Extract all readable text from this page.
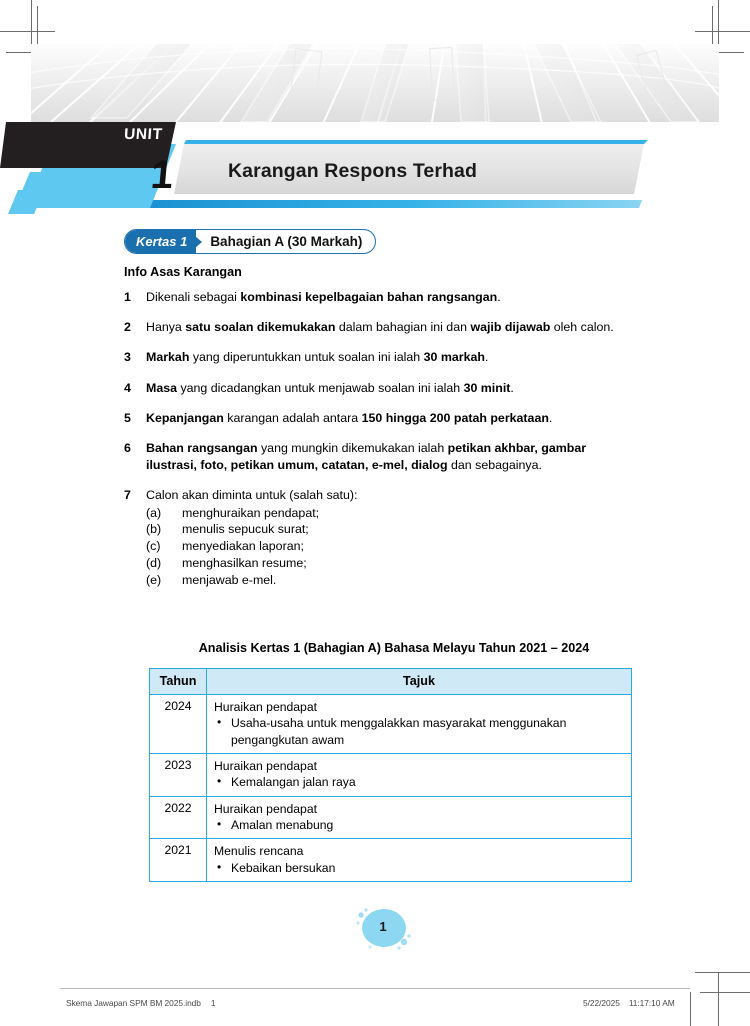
UNIT
1	Karangan Respons Terhad
Kertas 1	Bahagian A (30 Markah)
Info Asas Karangan
1	Dikenali sebagai kombinasi kepelbagaian bahan rangsangan.
2	Hanya satu soalan dikemukakan dalam bahagian ini dan wajib dijawab oleh calon.
3	Markah yang diperuntukkan untuk soalan ini ialah 30 markah.
4	Masa yang dicadangkan untuk menjawab soalan ini ialah 30 minit.
5	Kepanjangan karangan adalah antara 150 hingga 200 patah perkataan.
6	Bahan rangsangan yang mungkin dikemukakan ialah petikan akhbar, gambar ilustrasi, foto, petikan umum, catatan, e-mel, dialog dan sebagainya.
7	Calon akan diminta untuk (salah satu):
(a)	menghuraikan pendapat;
(b)	menulis sepucuk surat;
(c)	menyediakan laporan;
(d)	menghasilkan resume;
(e)	menjawab e-mel.
Analisis Kertas 1 (Bahagian A) Bahasa Melayu Tahun 2021 – 2024
Tahun	Tajuk
2024	Huraikan pendapat
• Usaha-usaha untuk menggalakkan masyarakat menggunakan pengangkutan awam

2023	Huraikan pendapat
• Kemalangan jalan raya

2022	Huraikan pendapat
• Amalan menabung

2021	Menulis rencana
• Kebaikan bersukan
1
Skema Jawapan SPM BM 2025.indb 1	5/22/2025 11:17:10 AM
